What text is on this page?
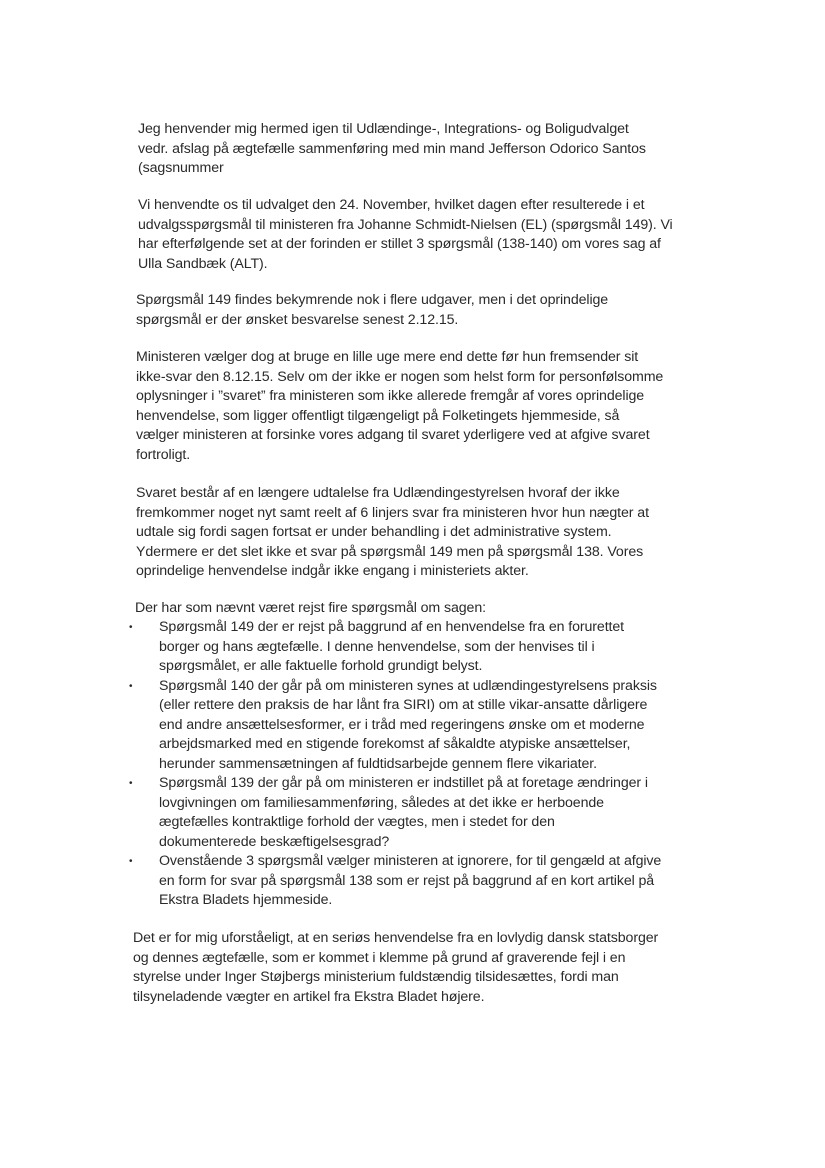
Jeg henvender mig hermed igen til Udlændinge-, Integrations- og Boligudvalget
vedr. afslag på ægtefælle sammenføring med min mand Jefferson Odorico Santos
(sagsnummer
Vi henvendte os til udvalget den 24. November, hvilket dagen efter resulterede i et
udvalgsspørgsmål til ministeren fra Johanne Schmidt-Nielsen (EL) (spørgsmål 149). Vi
har efterfølgende set at der forinden er stillet 3 spørgsmål (138-140) om vores sag af
Ulla Sandbæk (ALT).
Spørgsmål 149 findes bekymrende nok i flere udgaver, men i det oprindelige
spørgsmål er der ønsket besvarelse senest 2.12.15.
Ministeren vælger dog at bruge en lille uge mere end dette før hun fremsender sit
ikke-svar den 8.12.15. Selv om der ikke er nogen som helst form for personfølsomme
oplysninger i ”svaret” fra ministeren som ikke allerede fremgår af vores oprindelige
henvendelse, som ligger offentligt tilgængeligt på Folketingets hjemmeside, så
vælger ministeren at forsinke vores adgang til svaret yderligere ved at afgive svaret
fortroligt.
Svaret består af en længere udtalelse fra Udlændingestyrelsen hvoraf der ikke
fremkommer noget nyt samt reelt af 6 linjers svar fra ministeren hvor hun nægter at
udtale sig fordi sagen fortsat er under behandling i det administrative system.
Ydermere er det slet ikke et svar på spørgsmål 149 men på spørgsmål 138. Vores
oprindelige henvendelse indgår ikke engang i ministeriets akter.
Der har som nævnt været rejst fire spørgsmål om sagen:
• Spørgsmål 149 der er rejst på baggrund af en henvendelse fra en forurettet
borger og hans ægtefælle. I denne henvendelse, som der henvises til i
spørgsmålet, er alle faktuelle forhold grundigt belyst.
• Spørgsmål 140 der går på om ministeren synes at udlændingestyrelsens praksis
(eller rettere den praksis de har lånt fra SIRI) om at stille vikar-ansatte dårligere
end andre ansættelsesformer, er i tråd med regeringens ønske om et moderne
arbejdsmarked med en stigende forekomst af såkaldte atypiske ansættelser,
herunder sammensætningen af fuldtidsarbejde gennem flere vikariater.
• Spørgsmål 139 der går på om ministeren er indstillet på at foretage ændringer i
lovgivningen om familiesammenføring, således at det ikke er herboende
ægtefælles kontraktlige forhold der vægtes, men i stedet for den
dokumenterede beskæftigelsesgrad?
• Ovenstående 3 spørgsmål vælger ministeren at ignorere, for til gengæld at afgive
en form for svar på spørgsmål 138 som er rejst på baggrund af en kort artikel på
Ekstra Bladets hjemmeside.
Det er for mig uforståeligt, at en seriøs henvendelse fra en lovlydig dansk statsborger
og dennes ægtefælle, som er kommet i klemme på grund af graverende fejl i en
styrelse under Inger Støjbergs ministerium fuldstændig tilsidesættes, fordi man
tilsyneladende vægter en artikel fra Ekstra Bladet højere.
